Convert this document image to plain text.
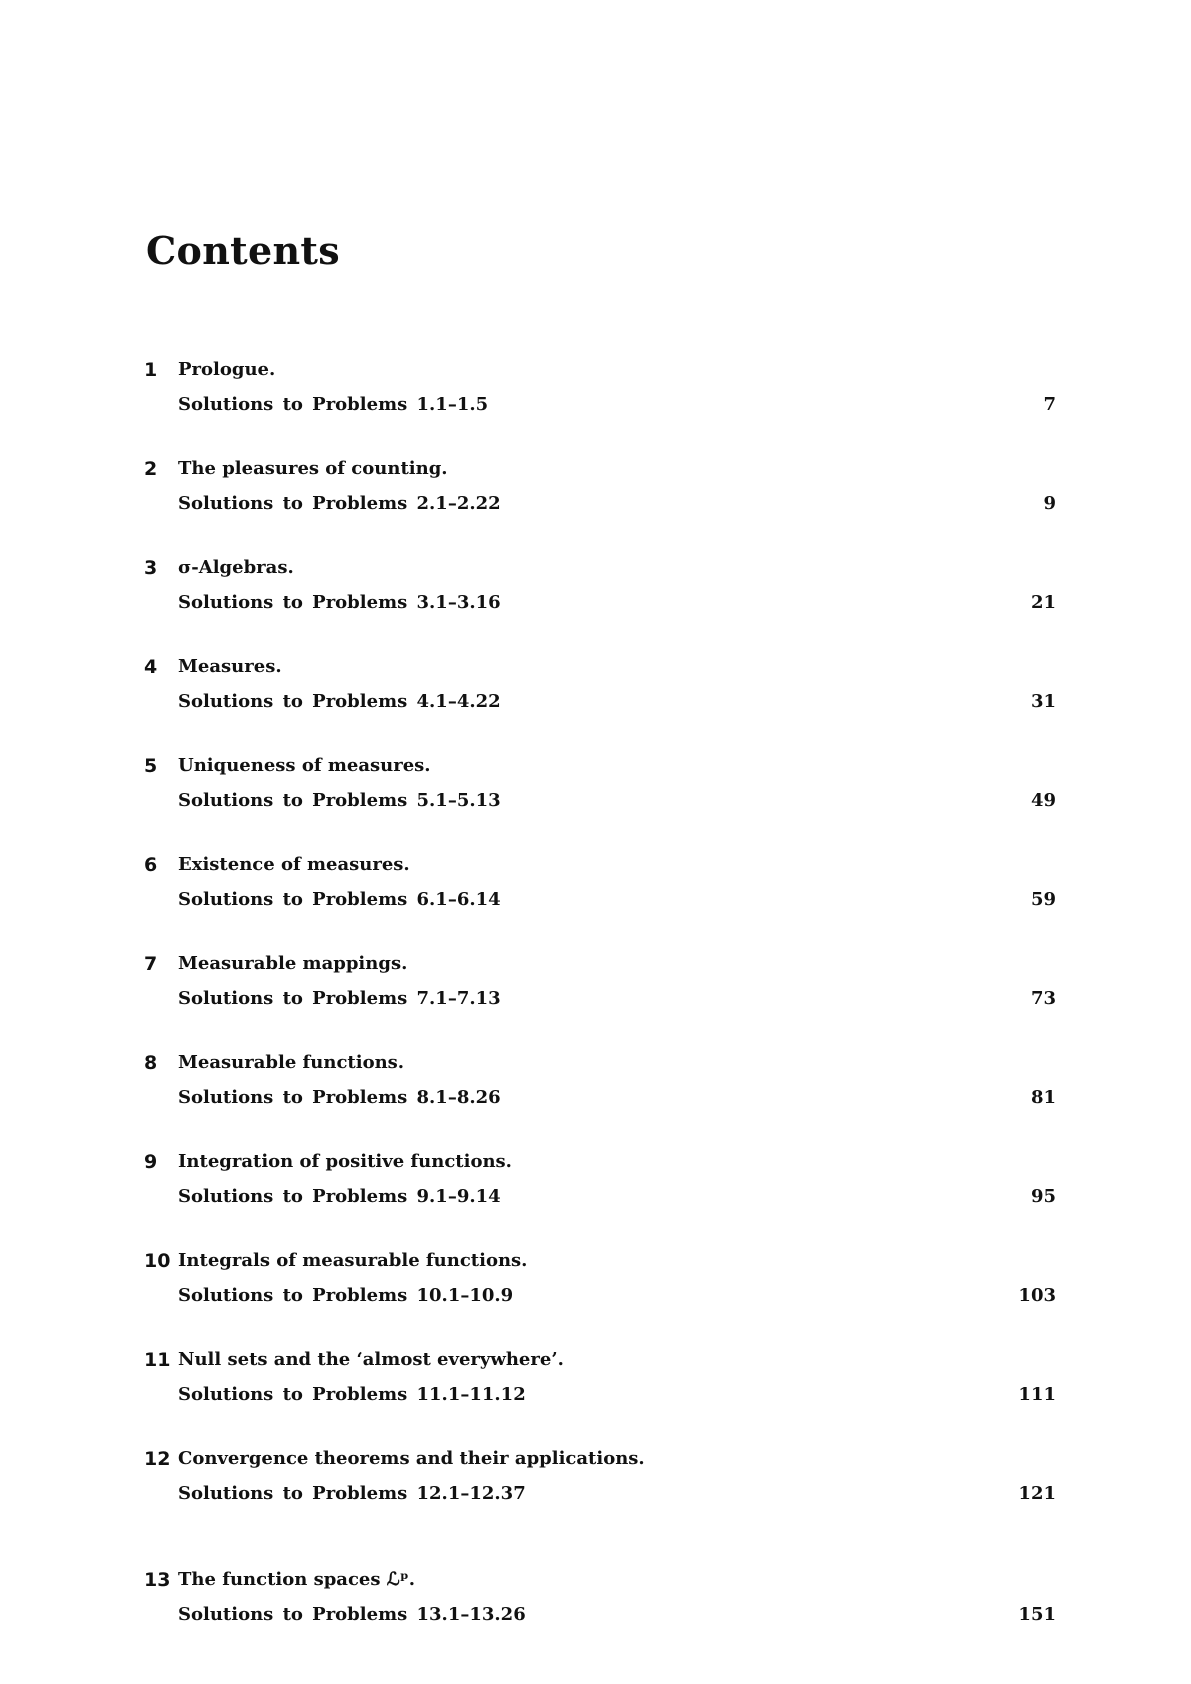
Contents
1 Prologue.
Solutions to Problems 1.1–1.5	7
2 The pleasures of counting.
Solutions to Problems 2.1–2.22	9
3 σ-Algebras.
Solutions to Problems 3.1–3.16	21
4 Measures.
Solutions to Problems 4.1–4.22	31
5 Uniqueness of measures.
Solutions to Problems 5.1–5.13	49
6 Existence of measures.
Solutions to Problems 6.1–6.14	59
7 Measurable mappings.
Solutions to Problems 7.1–7.13	73
8 Measurable functions.
Solutions to Problems 8.1–8.26	81
9 Integration of positive functions.
Solutions to Problems 9.1–9.14	95
10 Integrals of measurable functions.
Solutions to Problems 10.1–10.9	103
11 Null sets and the ‘almost everywhere’.
Solutions to Problems 11.1–11.12	111
12 Convergence theorems and their applications.
Solutions to Problems 12.1–12.37	121
13 The function spaces ℒᵖ.
Solutions to Problems 13.1–13.26	151
